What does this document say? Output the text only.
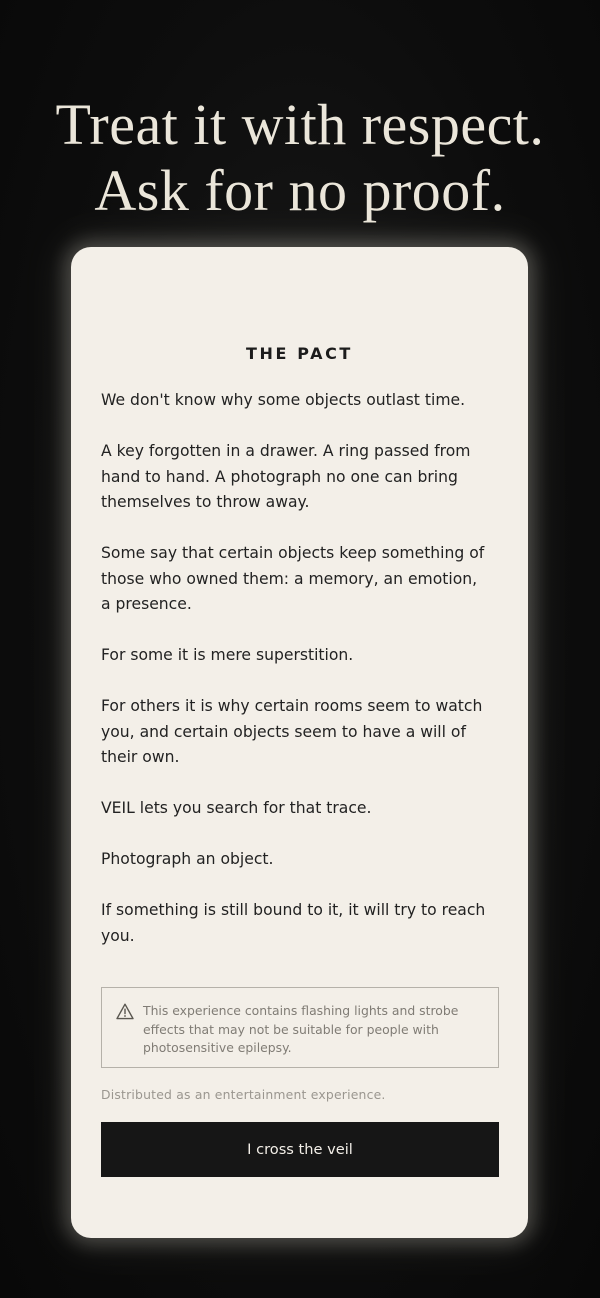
Treat it with respect.
Ask for no proof.
THE PACT

We don't know why some objects outlast time.

A key forgotten in a drawer. A ring passed from hand to hand. A photograph no one can bring themselves to throw away.

Some say that certain objects keep something of those who owned them: a memory, an emotion, a presence.

For some it is mere superstition.

For others it is why certain rooms seem to watch you, and certain objects seem to have a will of their own.

VEIL lets you search for that trace.

Photograph an object.

If something is still bound to it, it will try to reach you.

This experience contains flashing lights and strobe effects that may not be suitable for people with photosensitive epilepsy.
Distributed as an entertainment experience.
I cross the veil
